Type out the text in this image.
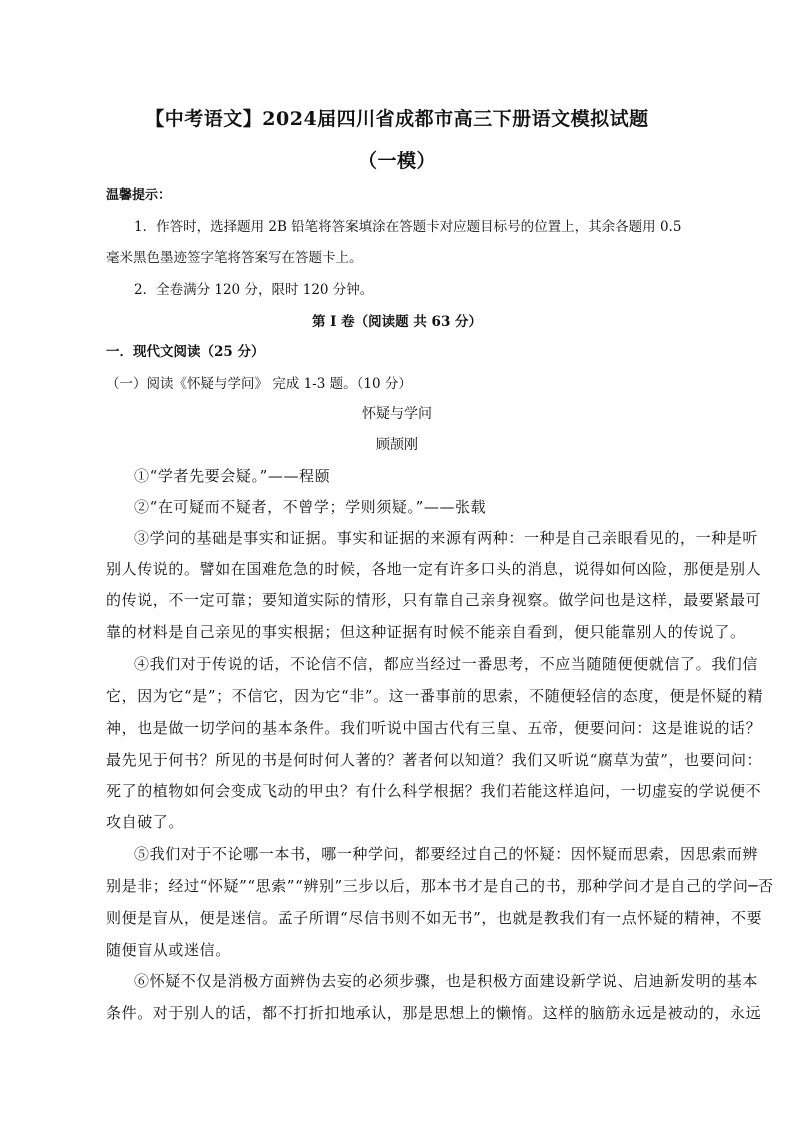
【中考语文】2024届四川省成都市高三下册语文模拟试题
（一模）
温馨提示：
1．作答时，选择题用 2B 铅笔将答案填涂在答题卡对应题目标号的位置上，其余各题用 0.5
毫米黑色墨迹签字笔将答案写在答题卡上。
2．全卷满分 120 分，限时 120 分钟。
第 I 卷（阅读题 共 63 分）
一．现代文阅读（25 分）
（一）阅读《怀疑与学问》 完成 1-3 题。（10 分）
怀疑与学问
顾颉刚
①“学者先要会疑。”——程颐
②“在可疑而不疑者，不曾学；学则须疑。”——张载
③学问的基础是事实和证据。事实和证据的来源有两种：一种是自己亲眼看见的，一种是听
别人传说的。譬如在国难危急的时候，各地一定有许多口头的消息，说得如何凶险，那便是别人
的传说，不一定可靠；要知道实际的情形，只有靠自己亲身视察。做学问也是这样，最要紧最可
靠的材料是自己亲见的事实根据；但这种证据有时候不能亲自看到，便只能靠别人的传说了。
④我们对于传说的话，不论信不信，都应当经过一番思考，不应当随随便便就信了。我们信
它，因为它“是”；不信它，因为它“非”。这一番事前的思索，不随便轻信的态度，便是怀疑的精
神，也是做一切学问的基本条件。我们听说中国古代有三皇、五帝，便要问问：这是谁说的话？
最先见于何书？所见的书是何时何人著的？著者何以知道？我们又听说“腐草为萤”，也要问问：
死了的植物如何会变成飞动的甲虫？有什么科学根据？我们若能这样追问，一切虚妄的学说便不
攻自破了。
⑤我们对于不论哪一本书，哪一种学问，都要经过自己的怀疑：因怀疑而思索，因思索而辨
别是非；经过“怀疑”“思索”“辨别”三步以后，那本书才是自己的书，那种学问才是自己的学问─否
则便是盲从，便是迷信。孟子所谓“尽信书则不如无书”，也就是教我们有一点怀疑的精神，不要
随便盲从或迷信。
⑥怀疑不仅是消极方面辨伪去妄的必须步骤，也是积极方面建设新学说、启迪新发明的基本
条件。对于别人的话，都不打折扣地承认，那是思想上的懒惰。这样的脑筋永远是被动的，永远
